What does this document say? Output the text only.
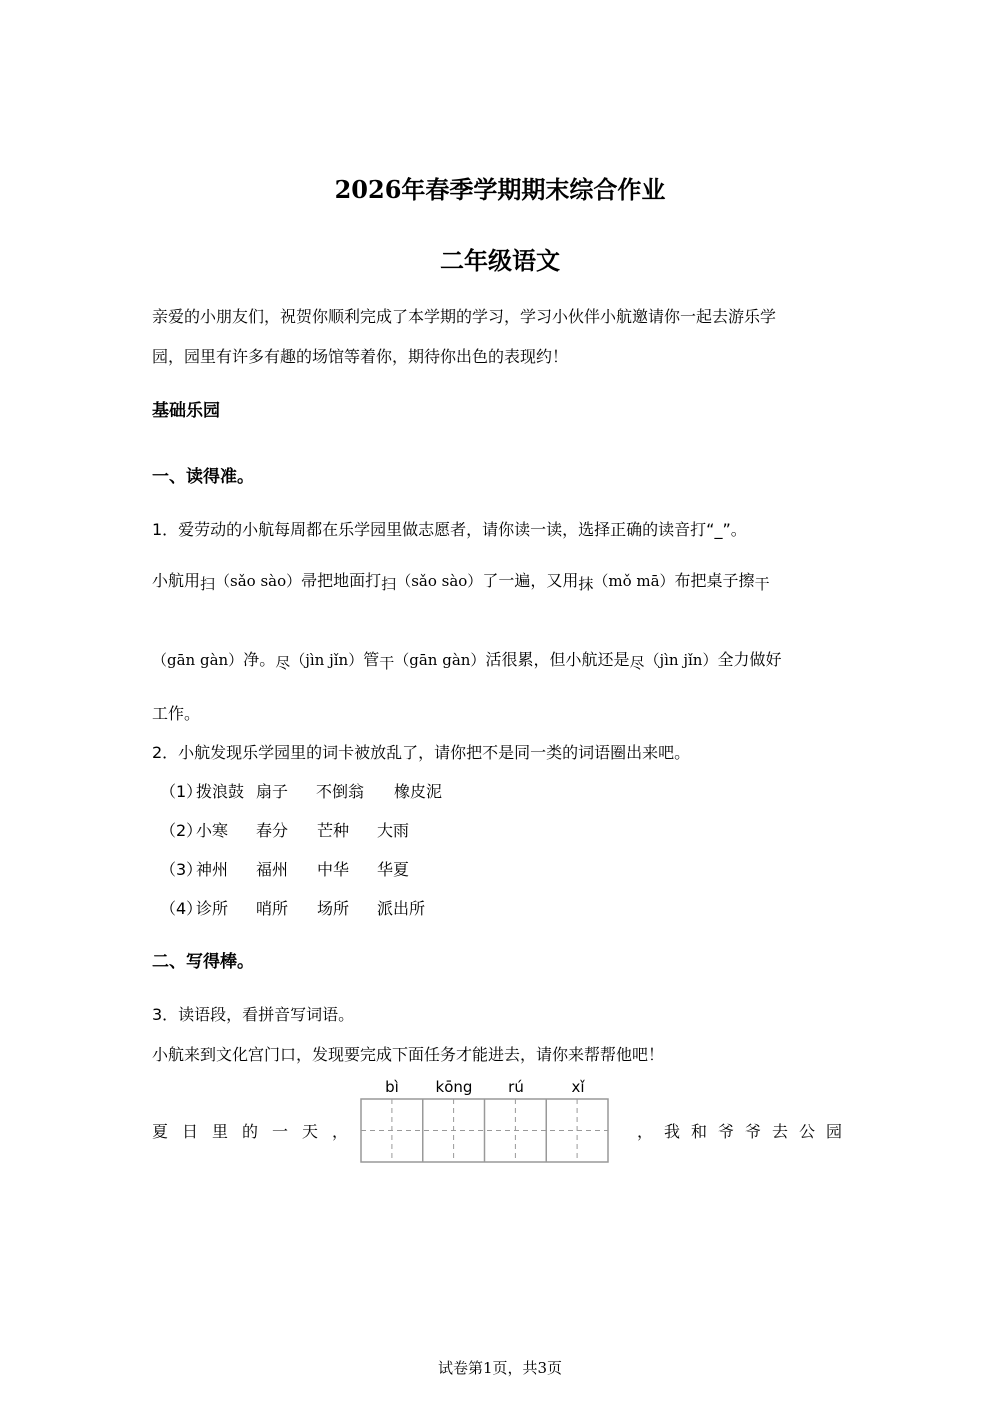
2026年春季学期期末综合作业
二年级语文
亲爱的小朋友们，祝贺你顺利完成了本学期的学习，学习小伙伴小航邀请你一起去游乐学
园，园里有许多有趣的场馆等着你，期待你出色的表现约！
基础乐园
一、读得准。
1．爱劳动的小航每周都在乐学园里做志愿者，请你读一读，选择正确的读音打“_”。
小航用扫（sǎo sào）帚把地面打扫（sǎo sào）了一遍，又用抹（mǒ mā）布把桌子擦干
（gān gàn）净。尽（jìn jǐn）管干（gān gàn）活很累，但小航还是尽（jìn jǐn）全力做好
工作。
2．小航发现乐学园里的词卡被放乱了，请你把不是同一类的词语圈出来吧。
（1）拨浪鼓 扇子 不倒翁 橡皮泥
（2）小寒 春分 芒种 大雨
（3）神州 福州 中华 华夏
（4）诊所 哨所 场所 派出所
二、写得棒。
3．读语段，看拼音写词语。
小航来到文化宫门口，发现要完成下面任务才能进去，请你来帮帮他吧！
bì	kōng	rú	xǐ
夏日里的一天，	，我和爷爷去公园
试卷第1页，共3页
